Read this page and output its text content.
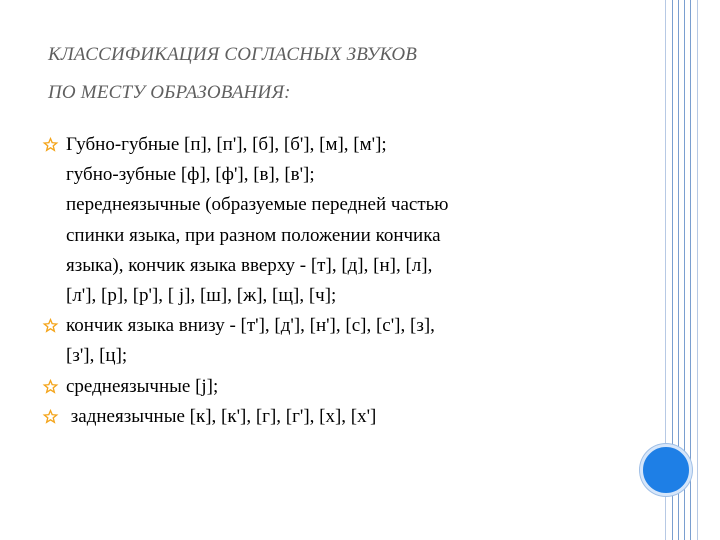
КЛАССИФИКАЦИЯ СОГЛАСНЫХ ЗВУКОВ
ПО МЕСТУ ОБРАЗОВАНИЯ:
Губно-губные [п], [п'], [б], [б'], [м], [м'];
губно-зубные [ф], [ф'], [в], [в'];
переднеязычные (образуемые передней частью
спинки языка, при разном положении кончика
языка), кончик языка вверху - [т], [д], [н], [л],
[л'], [р], [р'], [ j], [ш], [ж], [щ], [ч];
кончик языка внизу - [т'], [д'], [н'], [с], [с'], [з],
[з'], [ц];
среднеязычные [j];
заднеязычные [к], [к'], [г], [г'], [х], [х']
